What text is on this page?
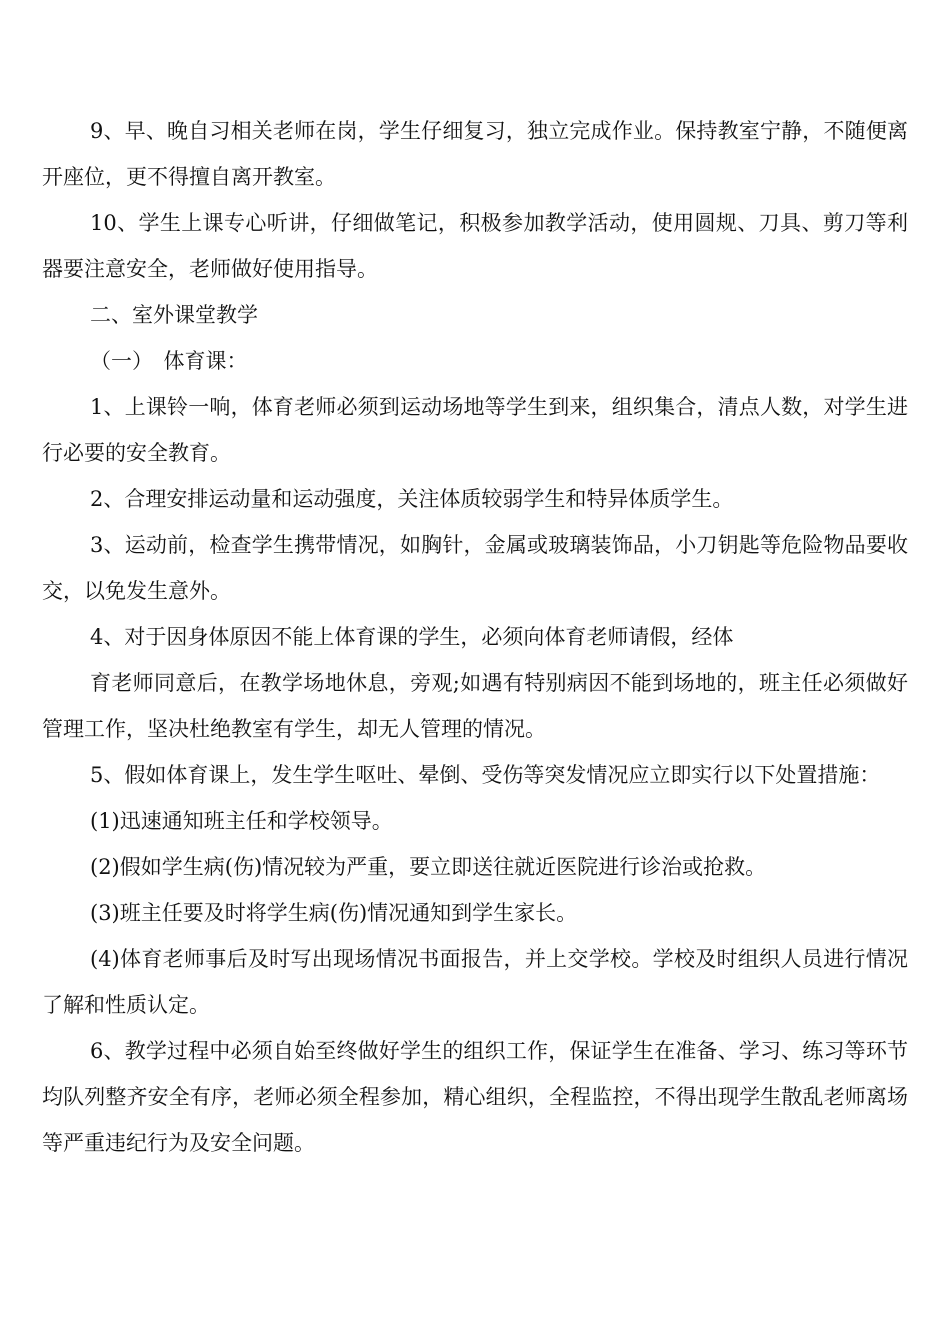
9、早、晚自习相关老师在岗，学生仔细复习，独立完成作业。保持教室宁静，不随便离开座位，更不得擅自离开教室。

10、学生上课专心听讲，仔细做笔记，积极参加教学活动，使用圆规、刀具、剪刀等利器要注意安全，老师做好使用指导。

二、室外课堂教学

（一）　体育课：

1、上课铃一响，体育老师必须到运动场地等学生到来，组织集合，清点人数，对学生进行必要的安全教育。

2、合理安排运动量和运动强度，关注体质较弱学生和特异体质学生。

3、运动前，检查学生携带情况，如胸针，金属或玻璃装饰品，小刀钥匙等危险物品要收交，以免发生意外。

4、对于因身体原因不能上体育课的学生，必须向体育老师请假，经体

育老师同意后，在教学场地休息，旁观;如遇有特别病因不能到场地的，班主任必须做好管理工作，坚决杜绝教室有学生，却无人管理的情况。

5、假如体育课上，发生学生呕吐、晕倒、受伤等突发情况应立即实行以下处置措施：

(1)迅速通知班主任和学校领导。

(2)假如学生病(伤)情况较为严重，要立即送往就近医院进行诊治或抢救。

(3)班主任要及时将学生病(伤)情况通知到学生家长。

(4)体育老师事后及时写出现场情况书面报告，并上交学校。学校及时组织人员进行情况了解和性质认定。

6、教学过程中必须自始至终做好学生的组织工作，保证学生在准备、学习、练习等环节均队列整齐安全有序，老师必须全程参加，精心组织，全程监控，不得出现学生散乱老师离场等严重违纪行为及安全问题。
